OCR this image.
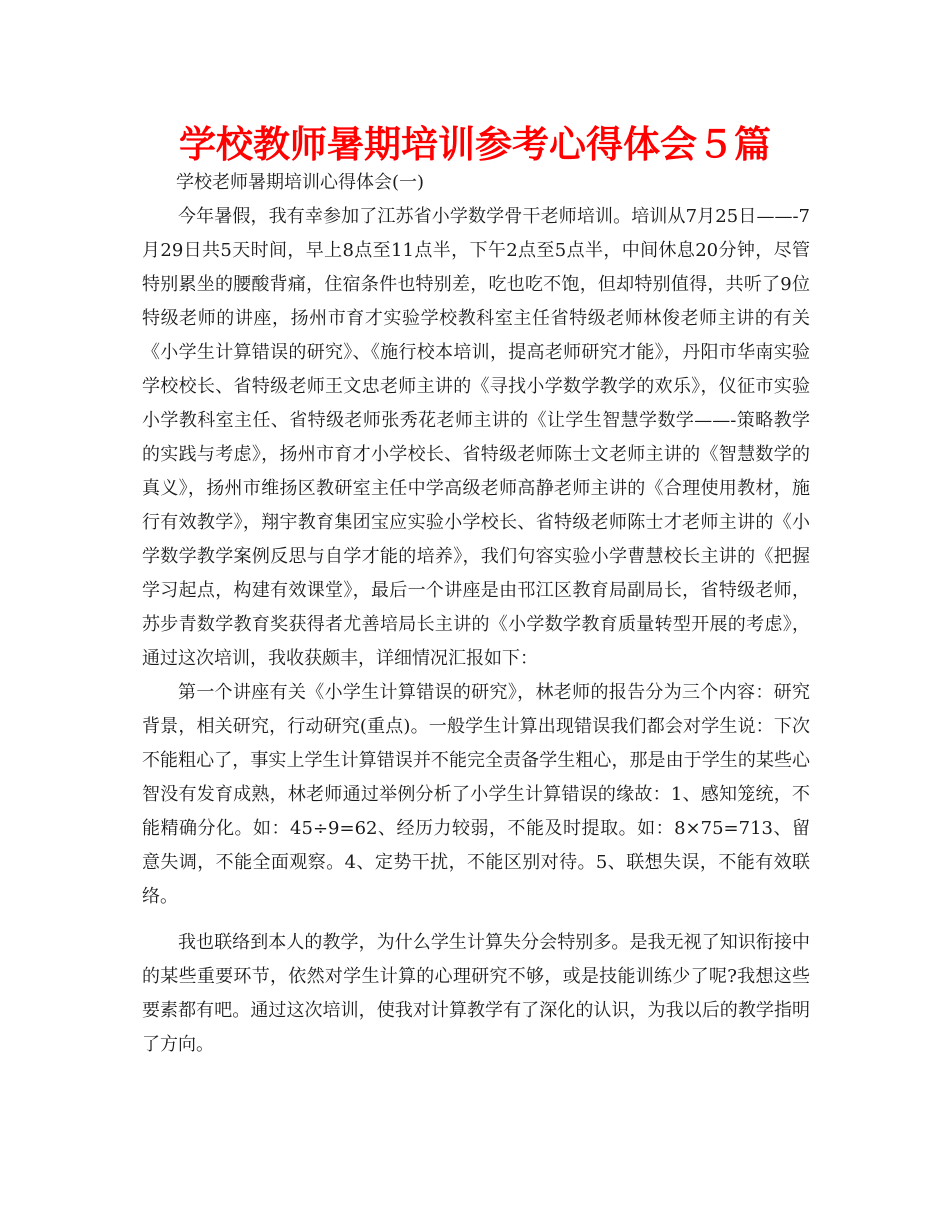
学校教师暑期培训参考心得体会５篇

学校老师暑期培训心得体会(一)

今年暑假，我有幸参加了江苏省小学数学骨干老师培训。培训从7月25日——-7月29日共5天时间，早上8点至11点半，下午2点至5点半，中间休息20分钟，尽管特别累坐的腰酸背痛，住宿条件也特别差，吃也吃不饱，但却特别值得，共听了9位特级老师的讲座，扬州市育才实验学校教科室主任省特级老师林俊老师主讲的有关《小学生计算错误的研究》、《施行校本培训，提高老师研究才能》，丹阳市华南实验学校校长、省特级老师王文忠老师主讲的《寻找小学数学教学的欢乐》，仪征市实验小学教科室主任、省特级老师张秀花老师主讲的《让学生智慧学数学——-策略教学的实践与考虑》，扬州市育才小学校长、省特级老师陈士文老师主讲的《智慧数学的真义》，扬州市维扬区教研室主任中学高级老师高静老师主讲的《合理使用教材，施行有效教学》，翔宇教育集团宝应实验小学校长、省特级老师陈士才老师主讲的《小学数学教学案例反思与自学才能的培养》，我们句容实验小学曹慧校长主讲的《把握学习起点，构建有效课堂》，最后一个讲座是由邗江区教育局副局长，省特级老师，苏步青数学教育奖获得者尤善培局长主讲的《小学数学教育质量转型开展的考虑》，通过这次培训，我收获颇丰，详细情况汇报如下：

第一个讲座有关《小学生计算错误的研究》，林老师的报告分为三个内容：研究背景，相关研究，行动研究(重点)。一般学生计算出现错误我们都会对学生说：下次不能粗心了，事实上学生计算错误并不能完全责备学生粗心，那是由于学生的某些心智没有发育成熟，林老师通过举例分析了小学生计算错误的缘故：1、感知笼统，不能精确分化。如：45÷9=62、经历力较弱，不能及时提取。如：8×75=713、留意失调，不能全面观察。4、定势干扰，不能区别对待。5、联想失误，不能有效联络。

我也联络到本人的教学，为什么学生计算失分会特别多。是我无视了知识衔接中的某些重要环节，依然对学生计算的心理研究不够，或是技能训练少了呢?我想这些要素都有吧。通过这次培训，使我对计算教学有了深化的认识，为我以后的教学指明了方向。
